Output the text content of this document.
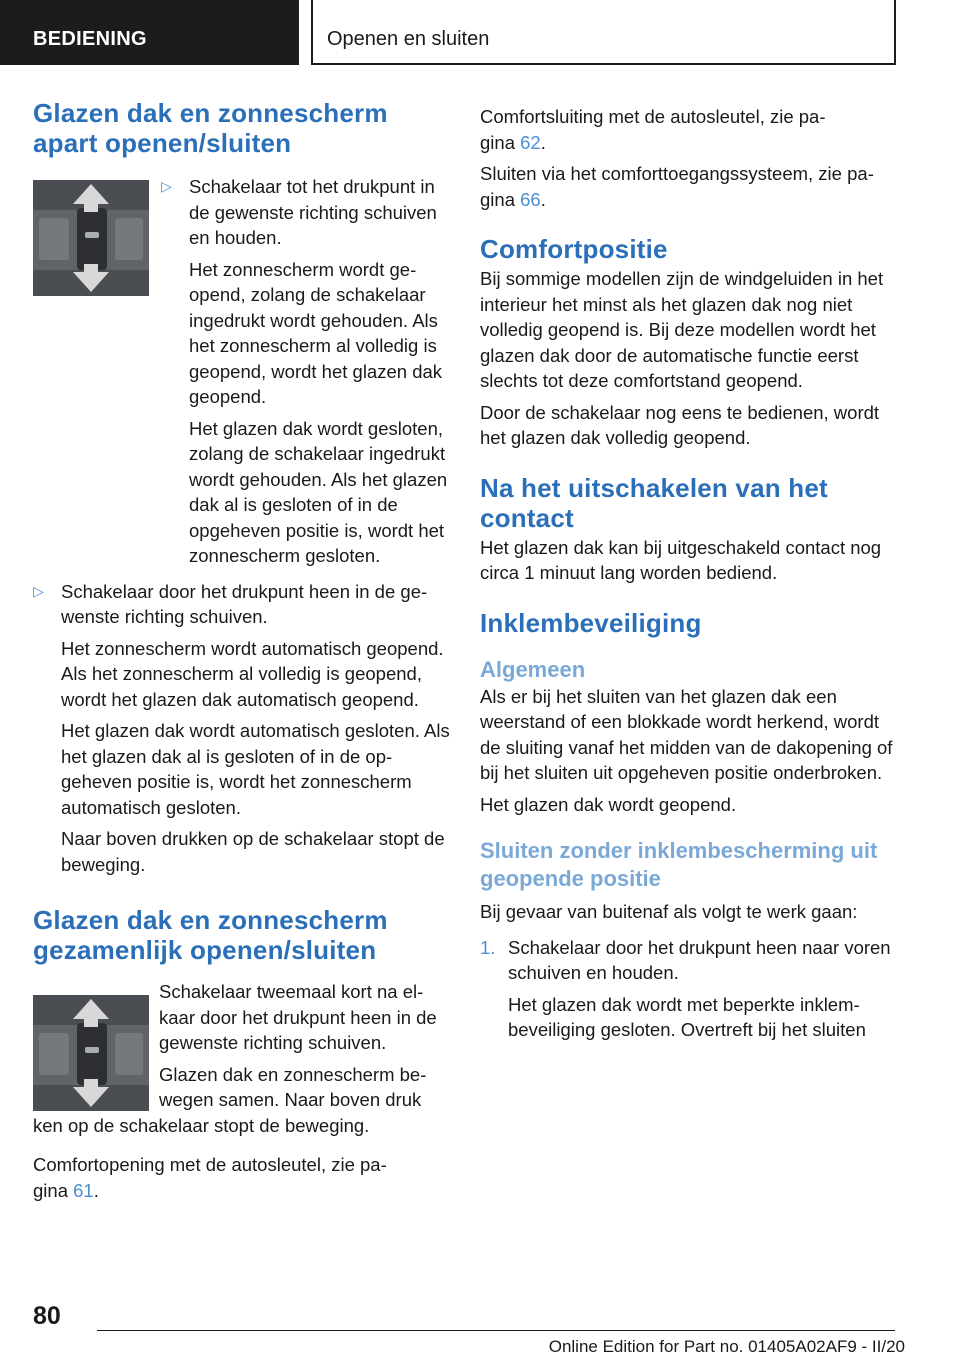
BEDIENING	Openen en sluiten
Glazen dak en zonnescherm apart openen/sluiten
▷ Schakelaar tot het drukpunt in de gewenste richting schuiven en houden.

Het zonnescherm wordt geopend, zolang de schakelaar ingedrukt wordt gehouden. Als het zonnescherm al volledig is geopend, wordt het glazen dak geopend.

Het glazen dak wordt gesloten, zolang de schakelaar ingedrukt wordt gehouden. Als het glazen dak al is gesloten of in de opgeheven positie is, wordt het zonnescherm gesloten.

▷ Schakelaar door het drukpunt heen in de gewenste richting schuiven.

Het zonnescherm wordt automatisch geopend. Als het zonnescherm al volledig is geopend, wordt het glazen dak automatisch geopend.

Het glazen dak wordt automatisch gesloten. Als het glazen dak al is gesloten of in de opgeheven positie is, wordt het zonnescherm automatisch gesloten.

Naar boven drukken op de schakelaar stopt de beweging.

Glazen dak en zonnescherm gezamenlijk openen/sluiten

Schakelaar tweemaal kort na elkaar door het drukpunt heen in de gewenste richting schuiven.

Glazen dak en zonnescherm bewegen samen. Naar boven druk

ken op de schakelaar stopt de beweging.

Comfortopening met de autosleutel, zie pagina 61.

Comfortsluiting met de autosleutel, zie pagina 62.

Sluiten via het comforttoegangssysteem, zie pagina 66.

Comfortpositie

Bij sommige modellen zijn de windgeluiden in het interieur het minst als het glazen dak nog niet volledig geopend is. Bij deze modellen wordt het glazen dak door de automatische functie eerst slechts tot deze comfortstand geopend.

Door de schakelaar nog eens te bedienen, wordt het glazen dak volledig geopend.

Na het uitschakelen van het contact

Het glazen dak kan bij uitgeschakeld contact nog circa 1 minuut lang worden bediend.

Inklembeveiliging
Algemeen

Als er bij het sluiten van het glazen dak een weerstand of een blokkade wordt herkend, wordt de sluiting vanaf het midden van de dakopening of bij het sluiten uit opgeheven positie onderbroken.

Het glazen dak wordt geopend.

Sluiten zonder inklembescherming uit geopende positie

Bij gevaar van buitenaf als volgt te werk gaan:

1. Schakelaar door het drukpunt heen naar voren schuiven en houden.

Het glazen dak wordt met beperkte inklembeveiliging gesloten. Overtreft bij het sluiten

80
Online Edition for Part no. 01405A02AF9 - II/20
